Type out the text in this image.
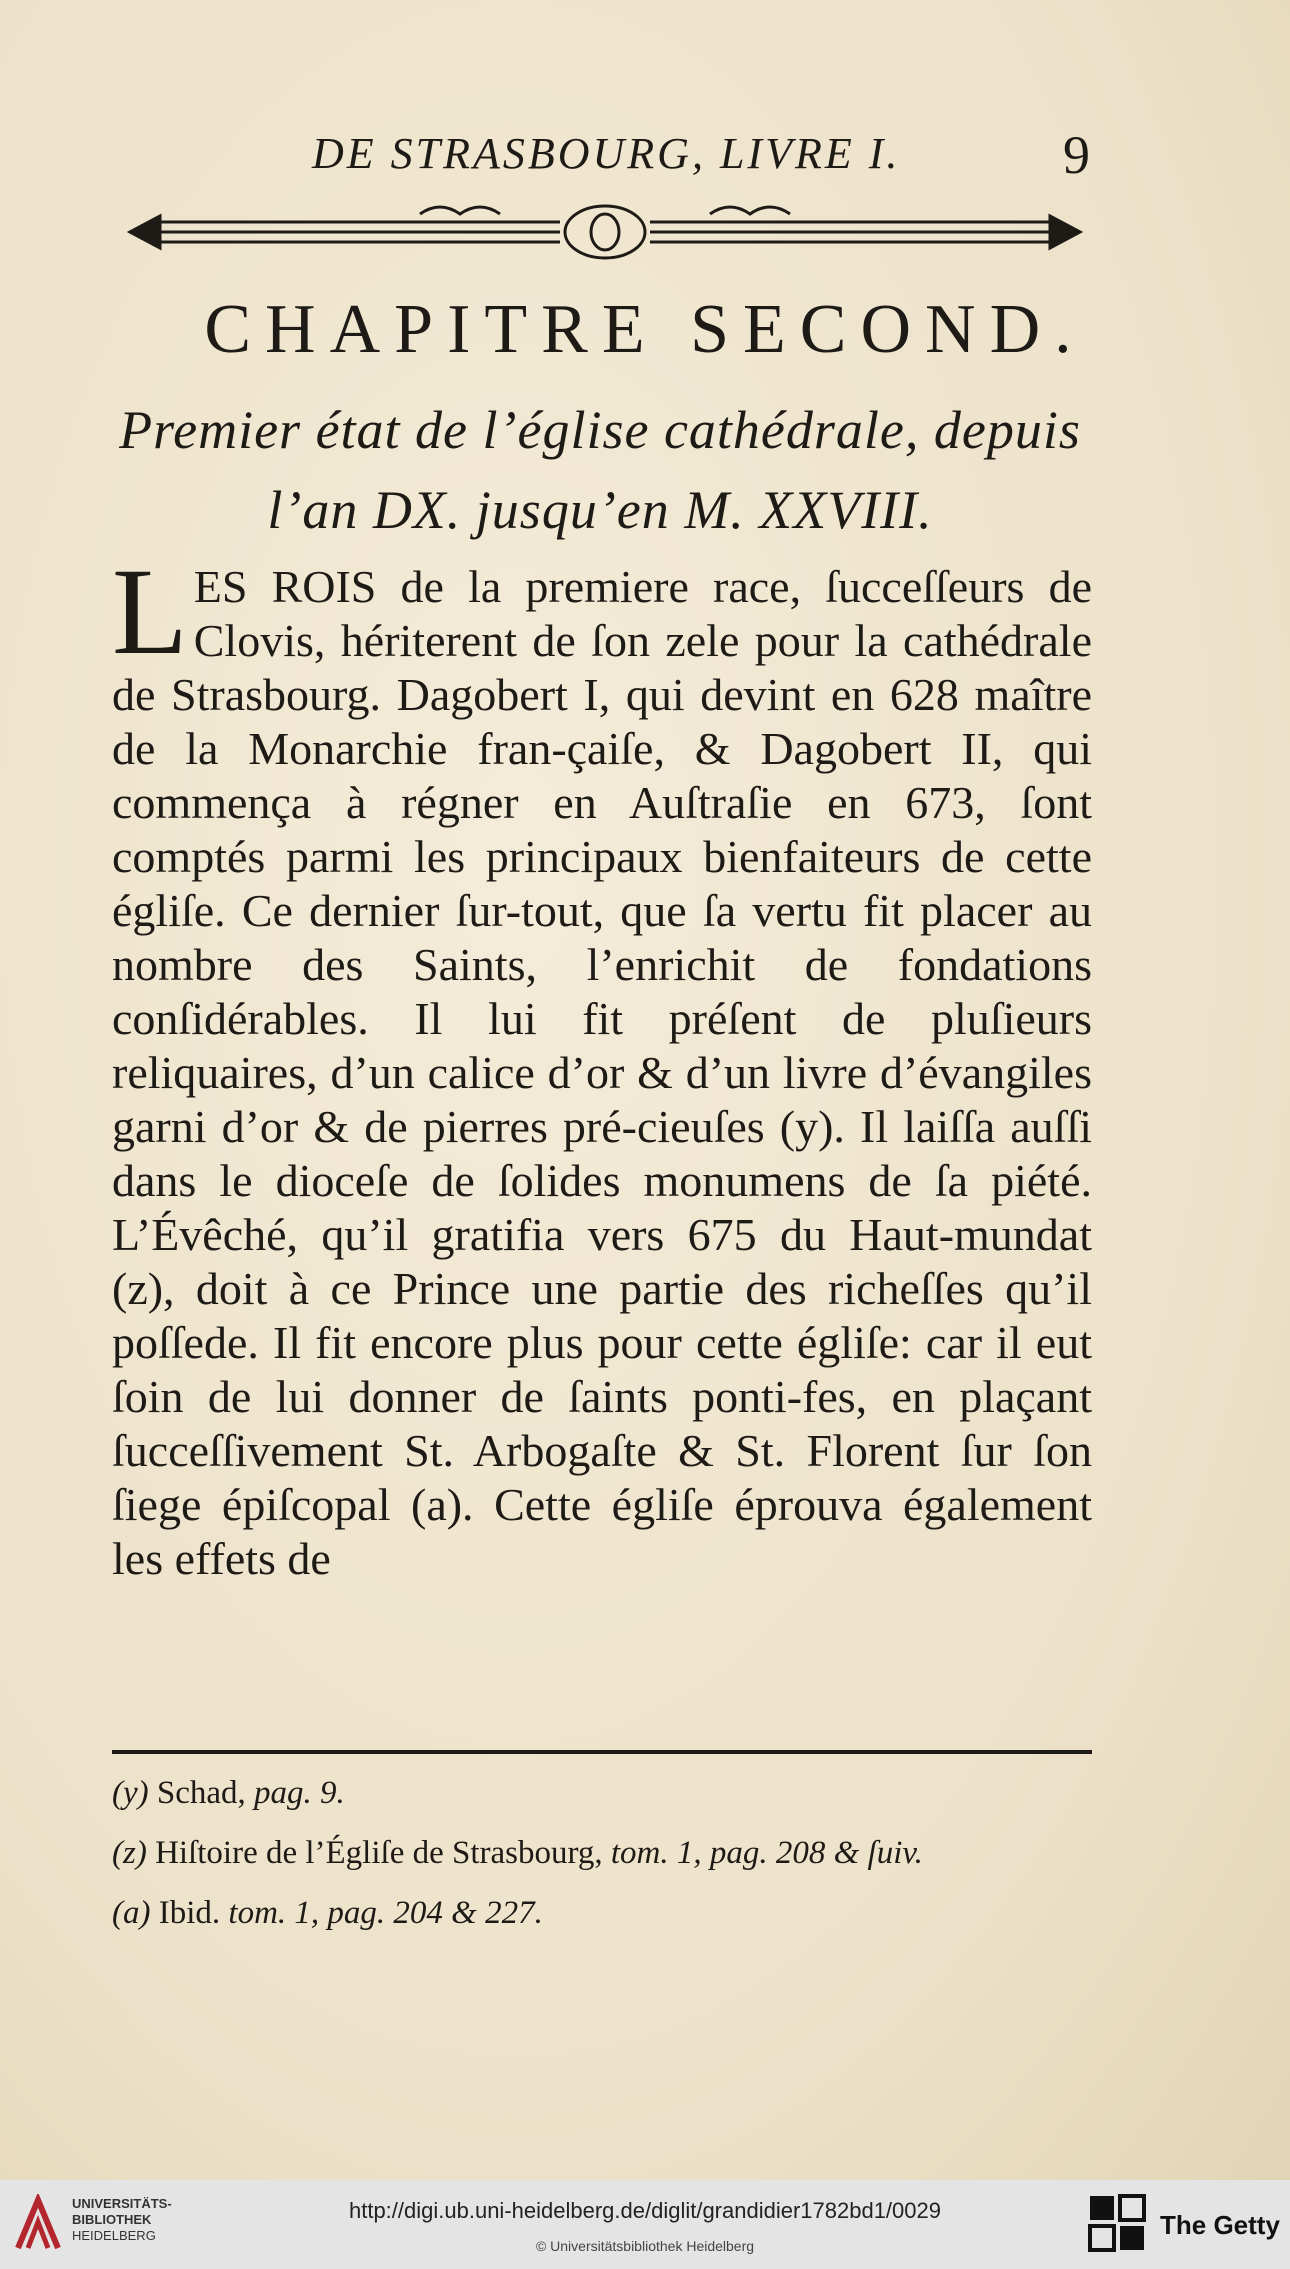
DE STRASBOURG, LIVRE I.	9
CHAPITRE SECOND.
Premier état de l’église cathédrale, depuis
l’an DX. jusqu’en M. XXVIII.
LES ROIS de la premiere race, ſucceſſeurs de Clovis, hériterent de ſon zele pour la cathédrale de Strasbourg. Dagobert I, qui devint en 628 maître de la Monarchie fran-çaiſe, & Dagobert II, qui commença à régner en Auſtraſie en 673, ſont comptés parmi les principaux bienfaiteurs de cette égliſe. Ce dernier ſur-tout, que ſa vertu fit placer au nombre des Saints, l’enrichit de fondations conſidérables. Il lui fit préſent de pluſieurs reliquaires, d’un calice d’or & d’un livre d’évangiles garni d’or & de pierres pré-cieuſes (y). Il laiſſa auſſi dans le dioceſe de ſolides monumens de ſa piété. L’Évêché, qu’il gratifia vers 675 du Haut-mundat (z), doit à ce Prince une partie des richeſſes qu’il poſſede. Il fit encore plus pour cette égliſe: car il eut ſoin de lui donner de ſaints ponti-fes, en plaçant ſucceſſivement St. Arbogaſte & St. Florent ſur ſon ſiege épiſcopal (a). Cette égliſe éprouva également les effets de
(y) Schad, pag. 9.
(z) Hiſtoire de l’Égliſe de Strasbourg, tom. 1, pag. 208 & ſuiv.
(a) Ibid. tom. 1, pag. 204 & 227.
UNIVERSITÄTS-
BIBLIOTHEK
HEIDELBERG
http://digi.ub.uni-heidelberg.de/diglit/grandidier1782bd1/0029
© Universitätsbibliothek Heidelberg
The Getty
